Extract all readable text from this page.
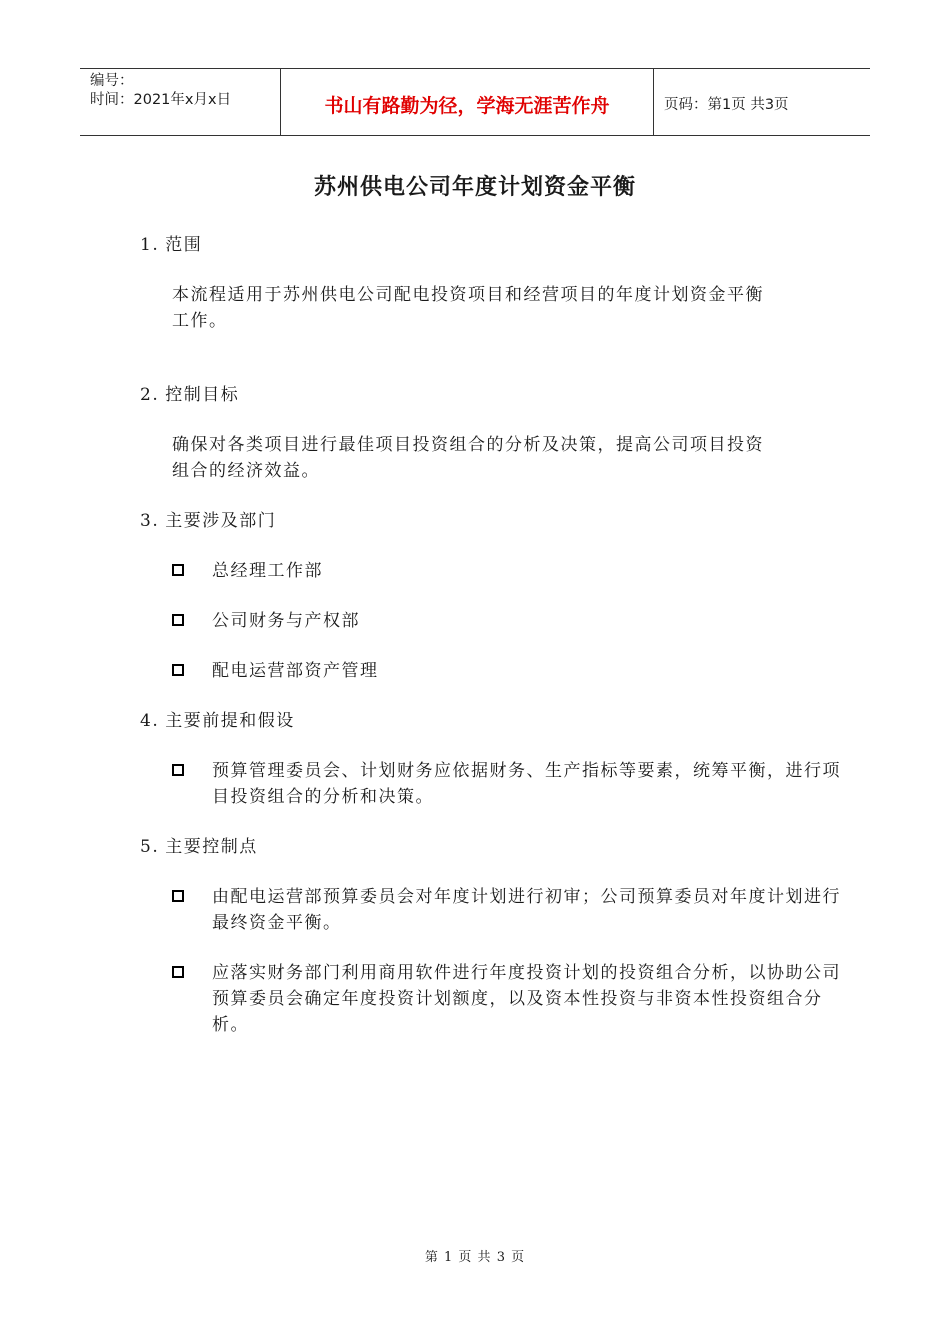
编号：
时间：2021年x月x日	书山有路勤为径，学海无涯苦作舟	页码：第1页 共3页
苏州供电公司年度计划资金平衡

1. 范围

本流程适用于苏州供电公司配电投资项目和经营项目的年度计划资金平衡
工作。

2. 控制目标

确保对各类项目进行最佳项目投资组合的分析及决策，提高公司项目投资
组合的经济效益。

3. 主要涉及部门

总经理工作部
公司财务与产权部
配电运营部资产管理

4. 主要前提和假设

预算管理委员会、计划财务应依据财务、生产指标等要素，统筹平衡，进行项目投资组合的分析和决策。

5. 主要控制点

由配电运营部预算委员会对年度计划进行初审；公司预算委员对年度计划进行最终资金平衡。
应落实财务部门利用商用软件进行年度投资计划的投资组合分析，以协助公司预算委员会确定年度投资计划额度，以及资本性投资与非资本性投资组合分析。
第 1 页 共 3 页
